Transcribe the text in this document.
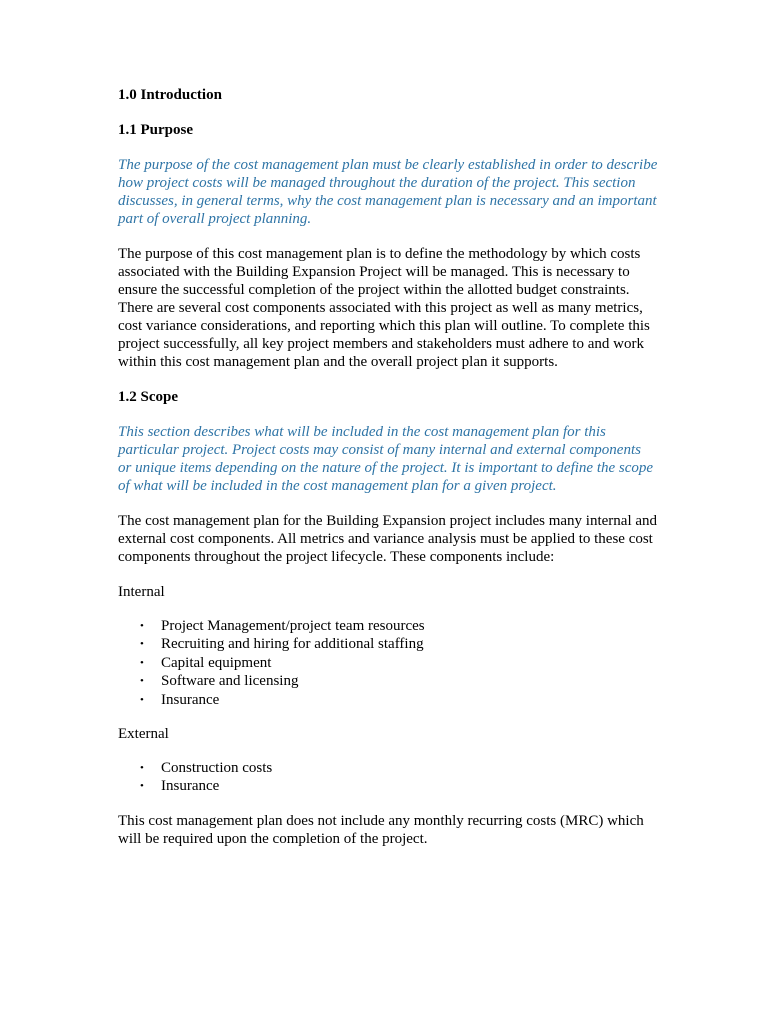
1.0 Introduction

1.1 Purpose

The purpose of the cost management plan must be clearly established in order to describe how project costs will be managed throughout the duration of the project. This section discusses, in general terms, why the cost management plan is necessary and an important part of overall project planning.

The purpose of this cost management plan is to define the methodology by which costs associated with the Building Expansion Project will be managed. This is necessary to ensure the successful completion of the project within the allotted budget constraints. There are several cost components associated with this project as well as many metrics, cost variance considerations, and reporting which this plan will outline. To complete this project successfully, all key project members and stakeholders must adhere to and work within this cost management plan and the overall project plan it supports.

1.2 Scope

This section describes what will be included in the cost management plan for this particular project. Project costs may consist of many internal and external components or unique items depending on the nature of the project. It is important to define the scope of what will be included in the cost management plan for a given project.

The cost management plan for the Building Expansion project includes many internal and external cost components. All metrics and variance analysis must be applied to these cost components throughout the project lifecycle. These components include:

Internal

• Project Management/project team resources
• Recruiting and hiring for additional staffing
• Capital equipment
• Software and licensing
• Insurance

External

• Construction costs
• Insurance

This cost management plan does not include any monthly recurring costs (MRC) which will be required upon the completion of the project.
